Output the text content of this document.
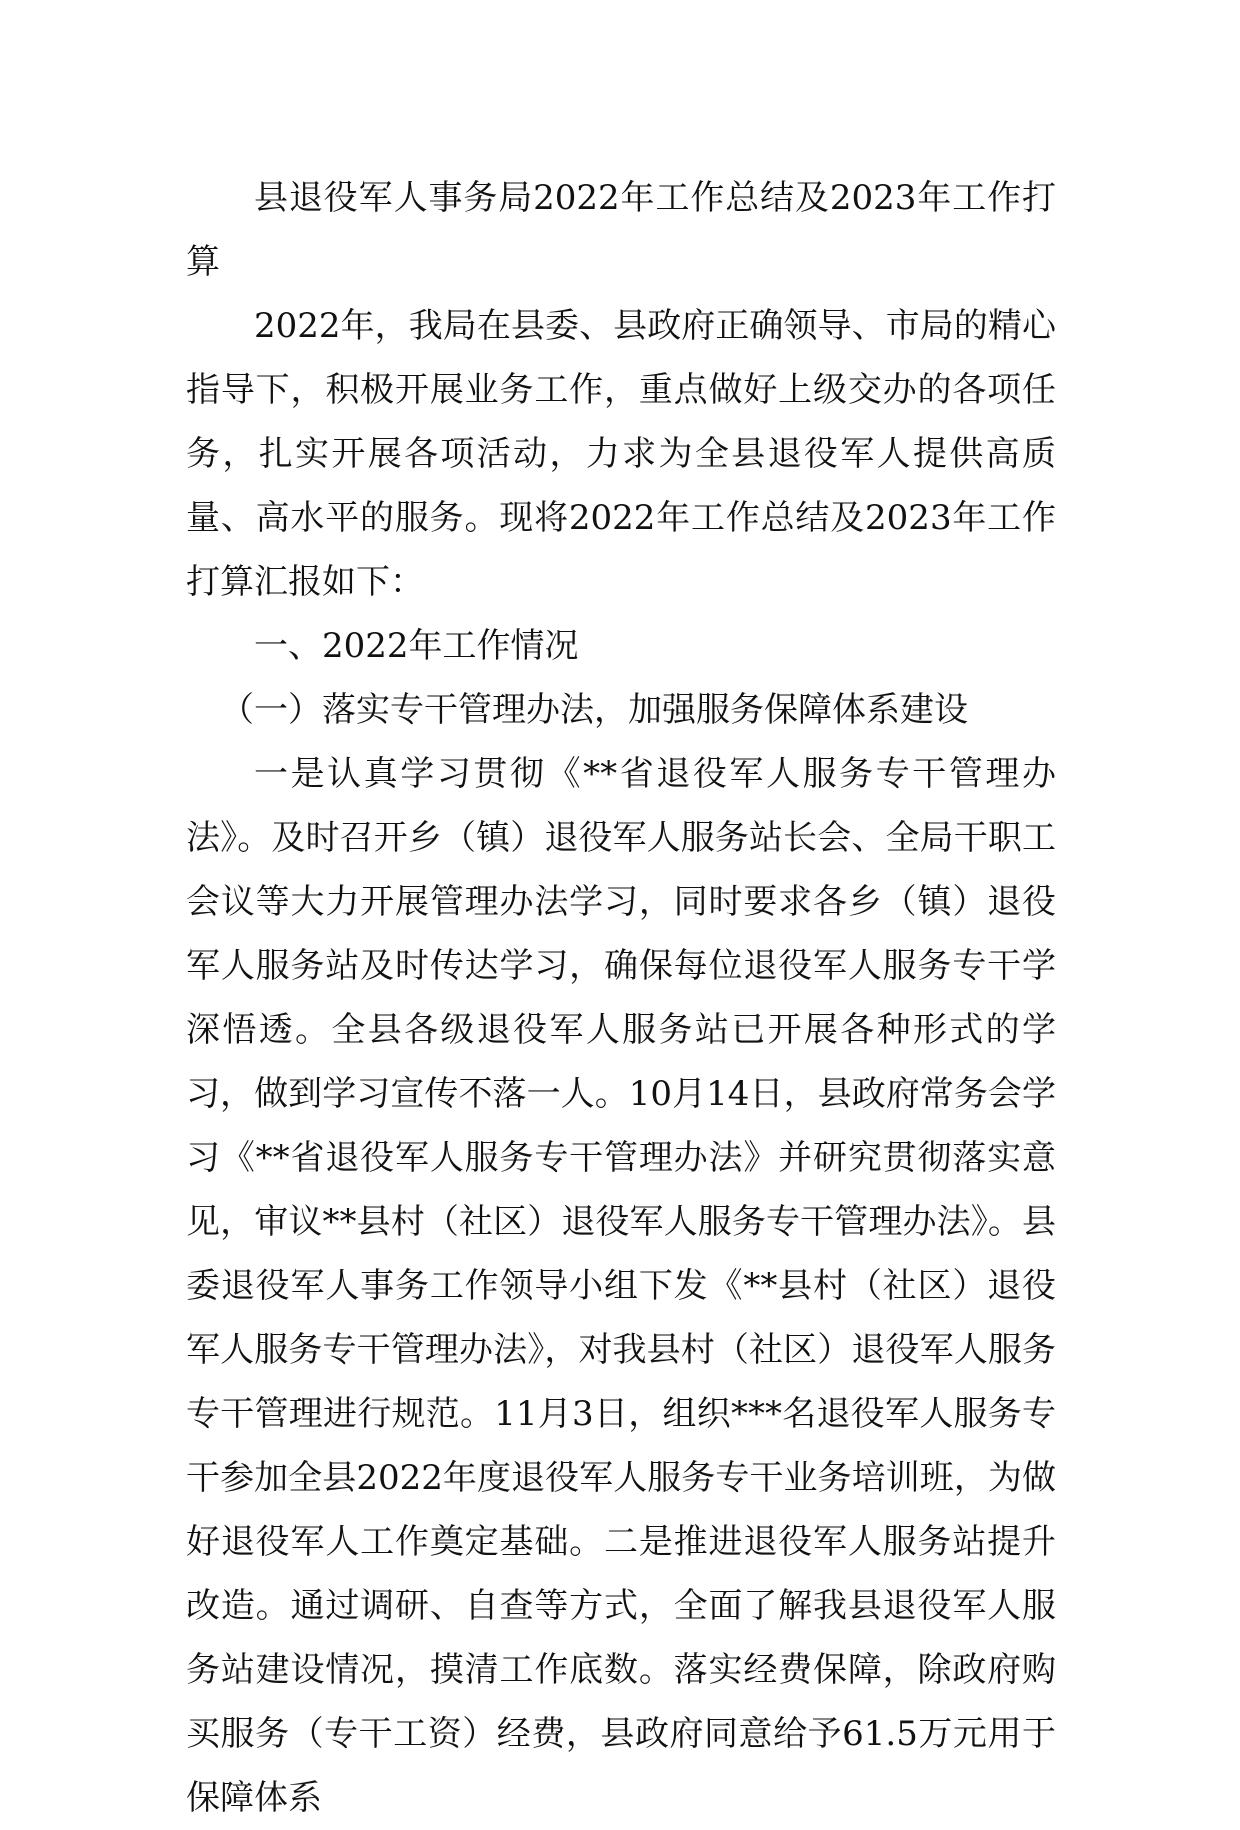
县退役军人事务局2022年工作总结及2023年工作打算

2022年，我局在县委、县政府正确领导、市局的精心指导下，积极开展业务工作，重点做好上级交办的各项任务，扎实开展各项活动，力求为全县退役军人提供高质量、高水平的服务。现将2022年工作总结及2023年工作打算汇报如下：

一、2022年工作情况

（一）落实专干管理办法，加强服务保障体系建设

一是认真学习贯彻《**省退役军人服务专干管理办法》。及时召开乡（镇）退役军人服务站长会、全局干职工会议等大力开展管理办法学习，同时要求各乡（镇）退役军人服务站及时传达学习，确保每位退役军人服务专干学深悟透。全县各级退役军人服务站已开展各种形式的学习，做到学习宣传不落一人。10月14日，县政府常务会学习《**省退役军人服务专干管理办法》并研究贯彻落实意见，审议**县村（社区）退役军人服务专干管理办法》。县委退役军人事务工作领导小组下发《**县村（社区）退役军人服务专干管理办法》，对我县村（社区）退役军人服务专干管理进行规范。11月3日，组织***名退役军人服务专干参加全县2022年度退役军人服务专干业务培训班，为做好退役军人工作奠定基础。二是推进退役军人服务站提升改造。通过调研、自查等方式，全面了解我县退役军人服务站建设情况，摸清工作底数。落实经费保障，除政府购买服务（专干工资）经费，县政府同意给予61.5万元用于保障体系
